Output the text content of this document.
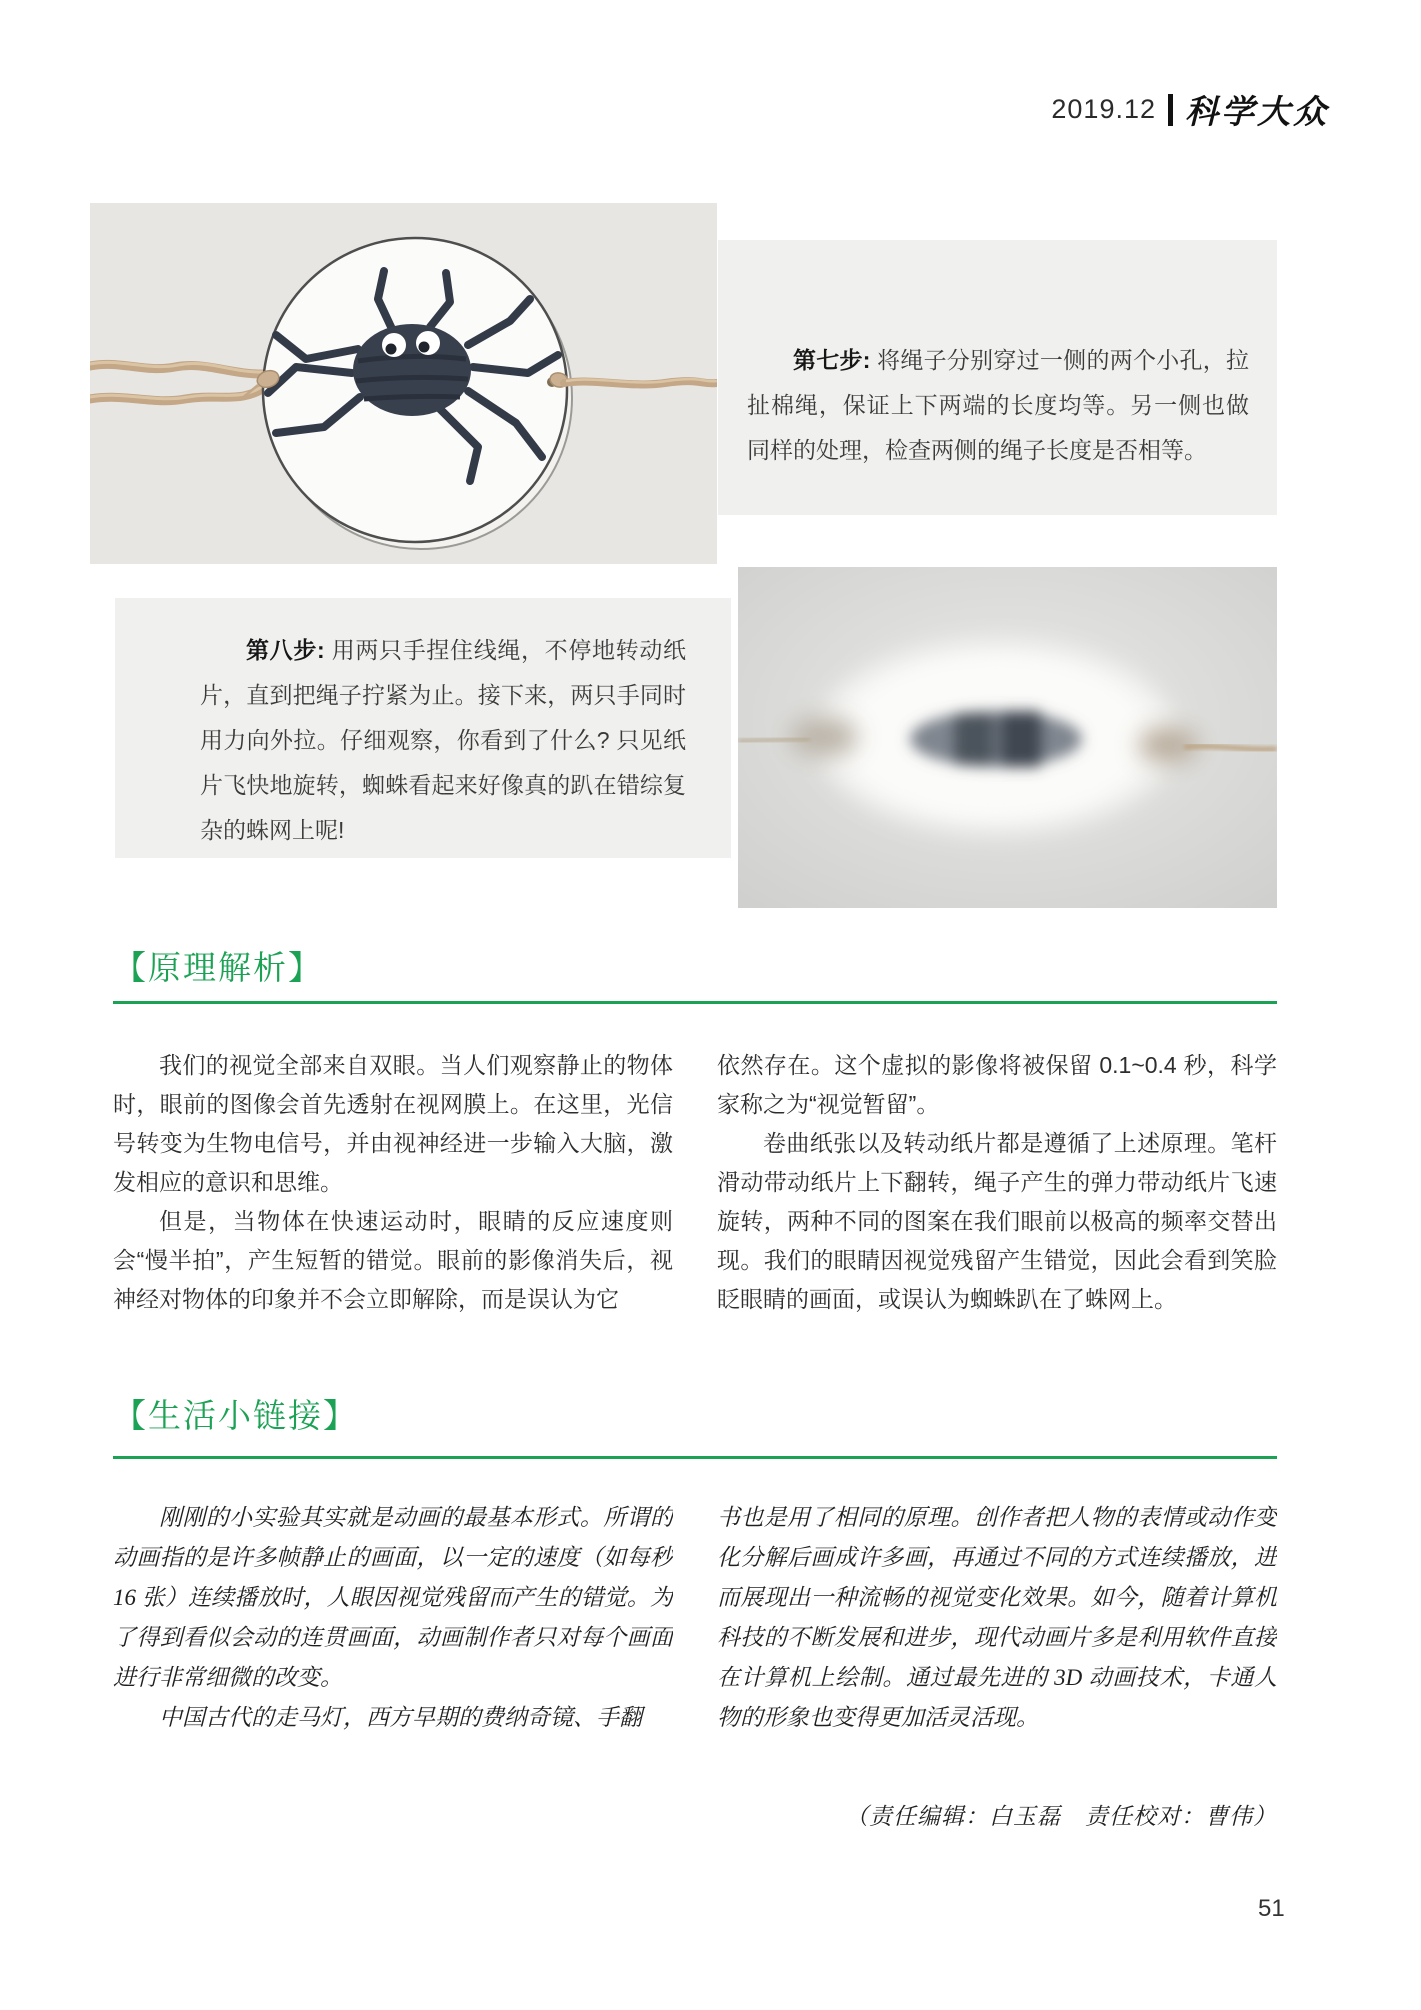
2019.12 科学大众

第七步: 将绳子分别穿过一侧的两个小孔，拉扯棉绳，保证上下两端的长度均等。另一侧也做同样的处理，检查两侧的绳子长度是否相等。

第八步: 用两只手捏住线绳，不停地转动纸片，直到把绳子拧紧为止。接下来，两只手同时用力向外拉。仔细观察，你看到了什么? 只见纸片飞快地旋转，蜘蛛看起来好像真的趴在错综复杂的蛛网上呢!

【原理解析】

我们的视觉全部来自双眼。当人们观察静止的物体时，眼前的图像会首先透射在视网膜上。在这里，光信号转变为生物电信号，并由视神经进一步输入大脑，激发相应的意识和思维。

但是，当物体在快速运动时，眼睛的反应速度则会“慢半拍”，产生短暂的错觉。眼前的影像消失后，视神经对物体的印象并不会立即解除，而是误认为它

依然存在。这个虚拟的影像将被保留 0.1~0.4 秒，科学家称之为“视觉暂留”。

卷曲纸张以及转动纸片都是遵循了上述原理。笔杆滑动带动纸片上下翻转，绳子产生的弹力带动纸片飞速旋转，两种不同的图案在我们眼前以极高的频率交替出现。我们的眼睛因视觉残留产生错觉，因此会看到笑脸眨眼睛的画面，或误认为蜘蛛趴在了蛛网上。

【生活小链接】

刚刚的小实验其实就是动画的最基本形式。所谓的动画指的是许多帧静止的画面，以一定的速度（如每秒 16 张）连续播放时，人眼因视觉残留而产生的错觉。为了得到看似会动的连贯画面，动画制作者只对每个画面进行非常细微的改变。

中国古代的走马灯，西方早期的费纳奇镜、手翻

书也是用了相同的原理。创作者把人物的表情或动作变化分解后画成许多画，再通过不同的方式连续播放，进而展现出一种流畅的视觉变化效果。如今，随着计算机科技的不断发展和进步，现代动画片多是利用软件直接在计算机上绘制。通过最先进的 3D 动画技术，卡通人物的形象也变得更加活灵活现。

（责任编辑：白玉磊　责任校对：曹伟）
51
